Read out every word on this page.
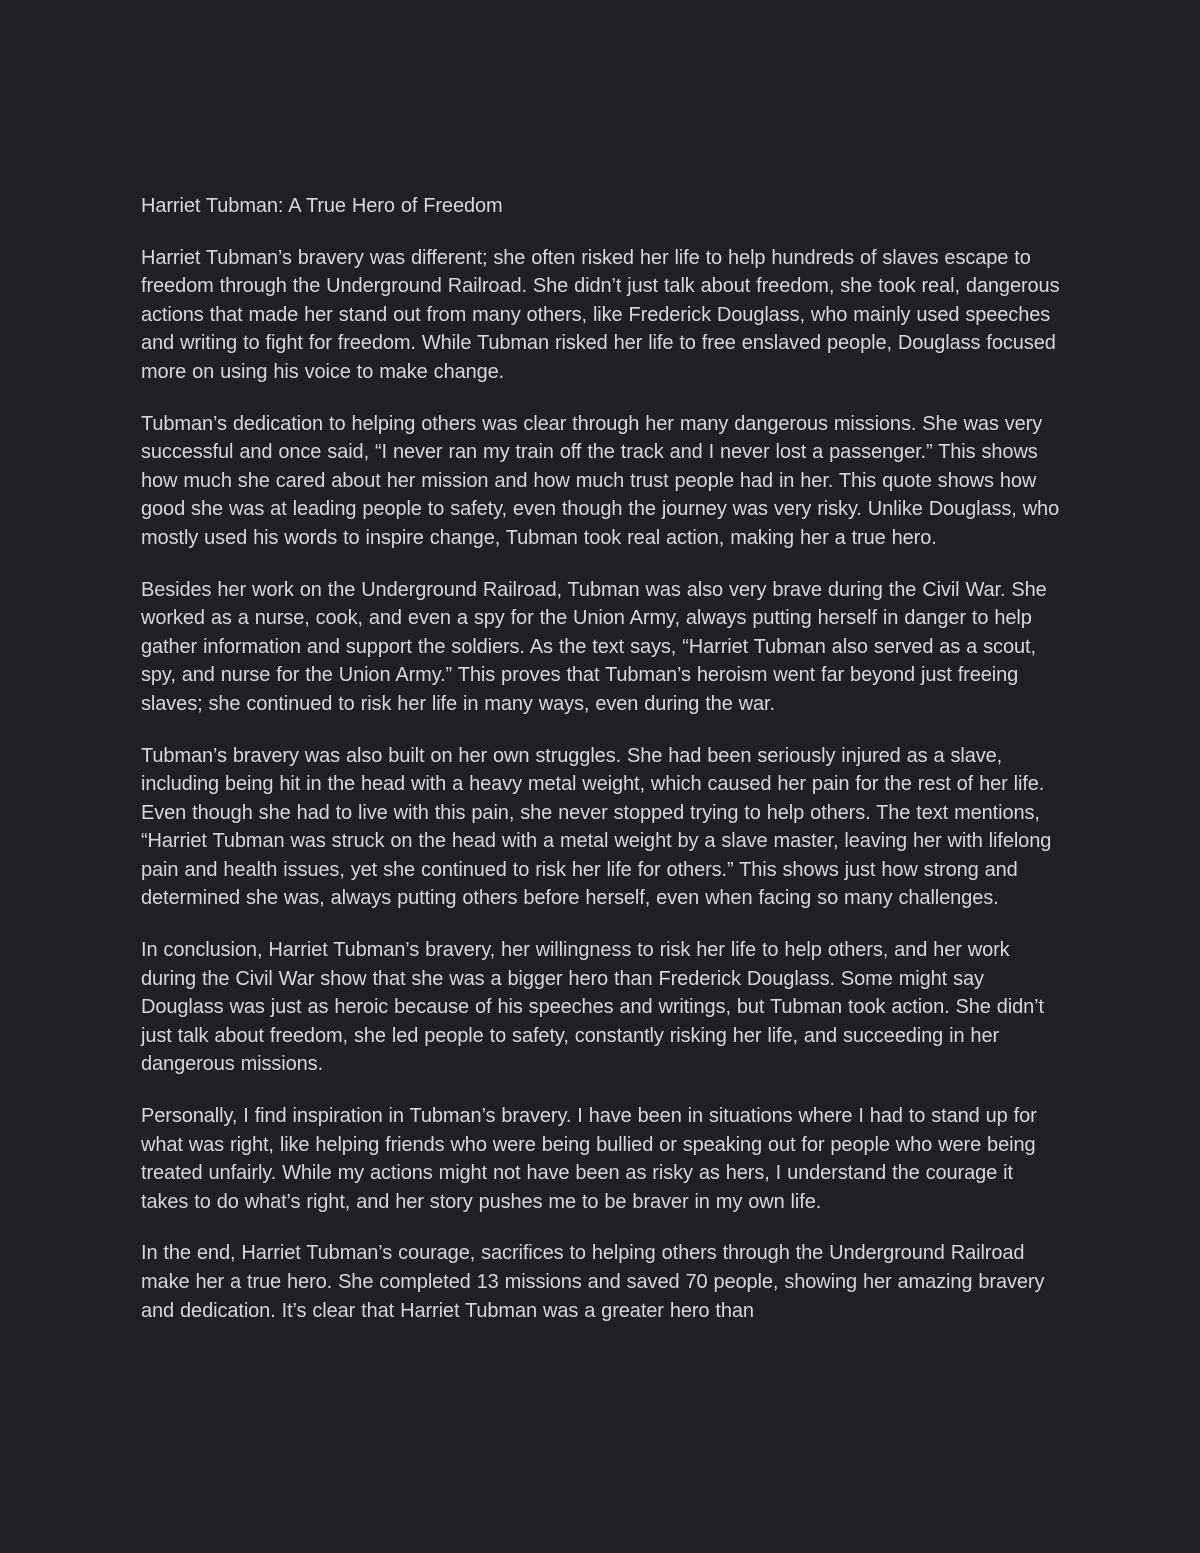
Harriet Tubman: A True Hero of Freedom

Harriet Tubman’s bravery was different; she often risked her life to help hundreds of slaves escape to freedom through the Underground Railroad. She didn’t just talk about freedom, she took real, dangerous actions that made her stand out from many others, like Frederick Douglass, who mainly used speeches and writing to fight for freedom. While Tubman risked her life to free enslaved people, Douglass focused more on using his voice to make change.

Tubman’s dedication to helping others was clear through her many dangerous missions. She was very successful and once said, “I never ran my train off the track and I never lost a passenger.” This shows how much she cared about her mission and how much trust people had in her. This quote shows how good she was at leading people to safety, even though the journey was very risky. Unlike Douglass, who mostly used his words to inspire change, Tubman took real action, making her a true hero.

Besides her work on the Underground Railroad, Tubman was also very brave during the Civil War. She worked as a nurse, cook, and even a spy for the Union Army, always putting herself in danger to help gather information and support the soldiers. As the text says, “Harriet Tubman also served as a scout, spy, and nurse for the Union Army.” This proves that Tubman’s heroism went far beyond just freeing slaves; she continued to risk her life in many ways, even during the war.

Tubman’s bravery was also built on her own struggles. She had been seriously injured as a slave, including being hit in the head with a heavy metal weight, which caused her pain for the rest of her life. Even though she had to live with this pain, she never stopped trying to help others. The text mentions, “Harriet Tubman was struck on the head with a metal weight by a slave master, leaving her with lifelong pain and health issues, yet she continued to risk her life for others.” This shows just how strong and determined she was, always putting others before herself, even when facing so many challenges.

In conclusion, Harriet Tubman’s bravery, her willingness to risk her life to help others, and her work during the Civil War show that she was a bigger hero than Frederick Douglass. Some might say Douglass was just as heroic because of his speeches and writings, but Tubman took action. She didn’t just talk about freedom, she led people to safety, constantly risking her life, and succeeding in her dangerous missions.

Personally, I find inspiration in Tubman’s bravery. I have been in situations where I had to stand up for what was right, like helping friends who were being bullied or speaking out for people who were being treated unfairly. While my actions might not have been as risky as hers, I understand the courage it takes to do what’s right, and her story pushes me to be braver in my own life.

In the end, Harriet Tubman’s courage, sacrifices to helping others through the Underground Railroad make her a true hero. She completed 13 missions and saved 70 people, showing her amazing bravery and dedication. It’s clear that Harriet Tubman was a greater hero than
